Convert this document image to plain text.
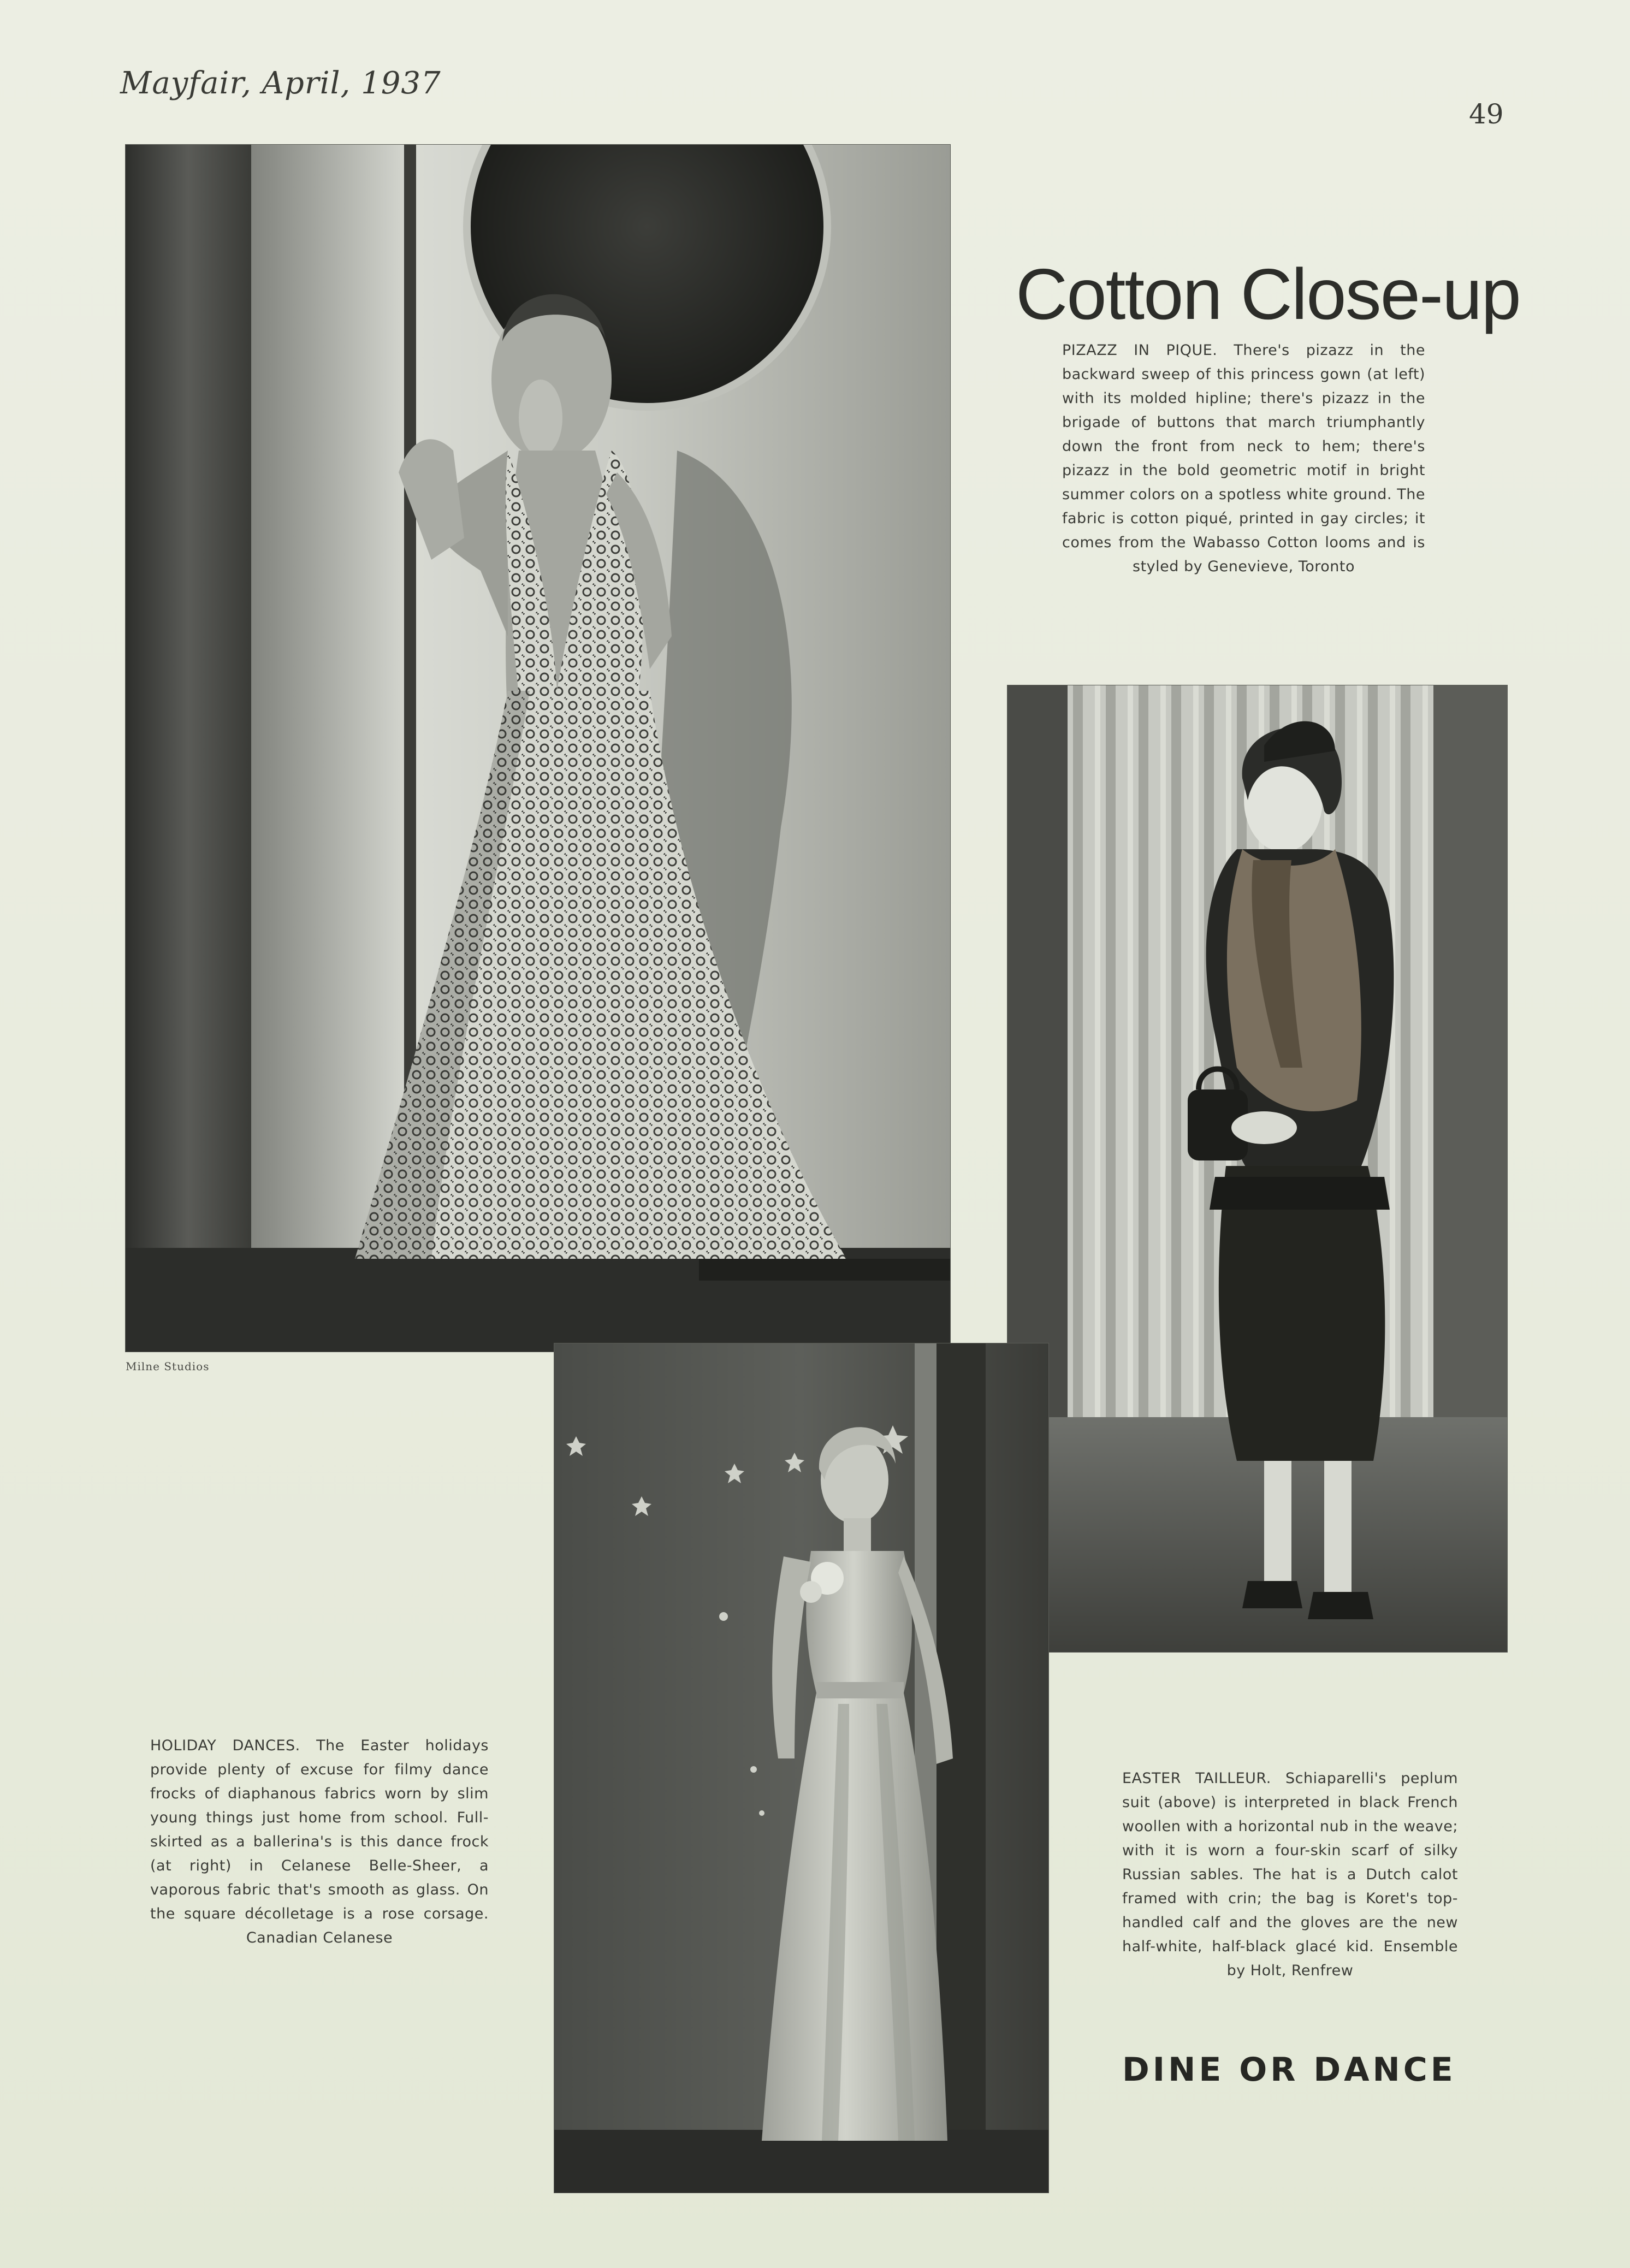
Mayfair, April, 1937
49
Milne Studios
Cotton Close-up
PIZAZZ IN PIQUE. There's pizazz in the backward sweep of this princess gown (at left) with its molded hipline; there's pizazz in the brigade of buttons that march triumphantly down the front from neck to hem; there's pizazz in the bold geometric motif in bright summer colors on a spotless white ground. The fabric is cotton piqué, printed in gay circles; it comes from the Wabasso Cotton looms and is styled by Genevieve, Toronto
HOLIDAY DANCES. The Easter holidays provide plenty of excuse for filmy dance frocks of diaphanous fabrics worn by slim young things just home from school. Full-skirted as a ballerina's is this dance frock (at right) in Celanese Belle-Sheer, a vaporous fabric that's smooth as glass. On the square décolletage is a rose corsage. Canadian Celanese
EASTER TAILLEUR. Schiaparelli's peplum suit (above) is interpreted in black French woollen with a horizontal nub in the weave; with it is worn a four-skin scarf of silky Russian sables. The hat is a Dutch calot framed with crin; the bag is Koret's top-handled calf and the gloves are the new half-white, half-black glacé kid. Ensemble by Holt, Renfrew
DINE OR DANCE
